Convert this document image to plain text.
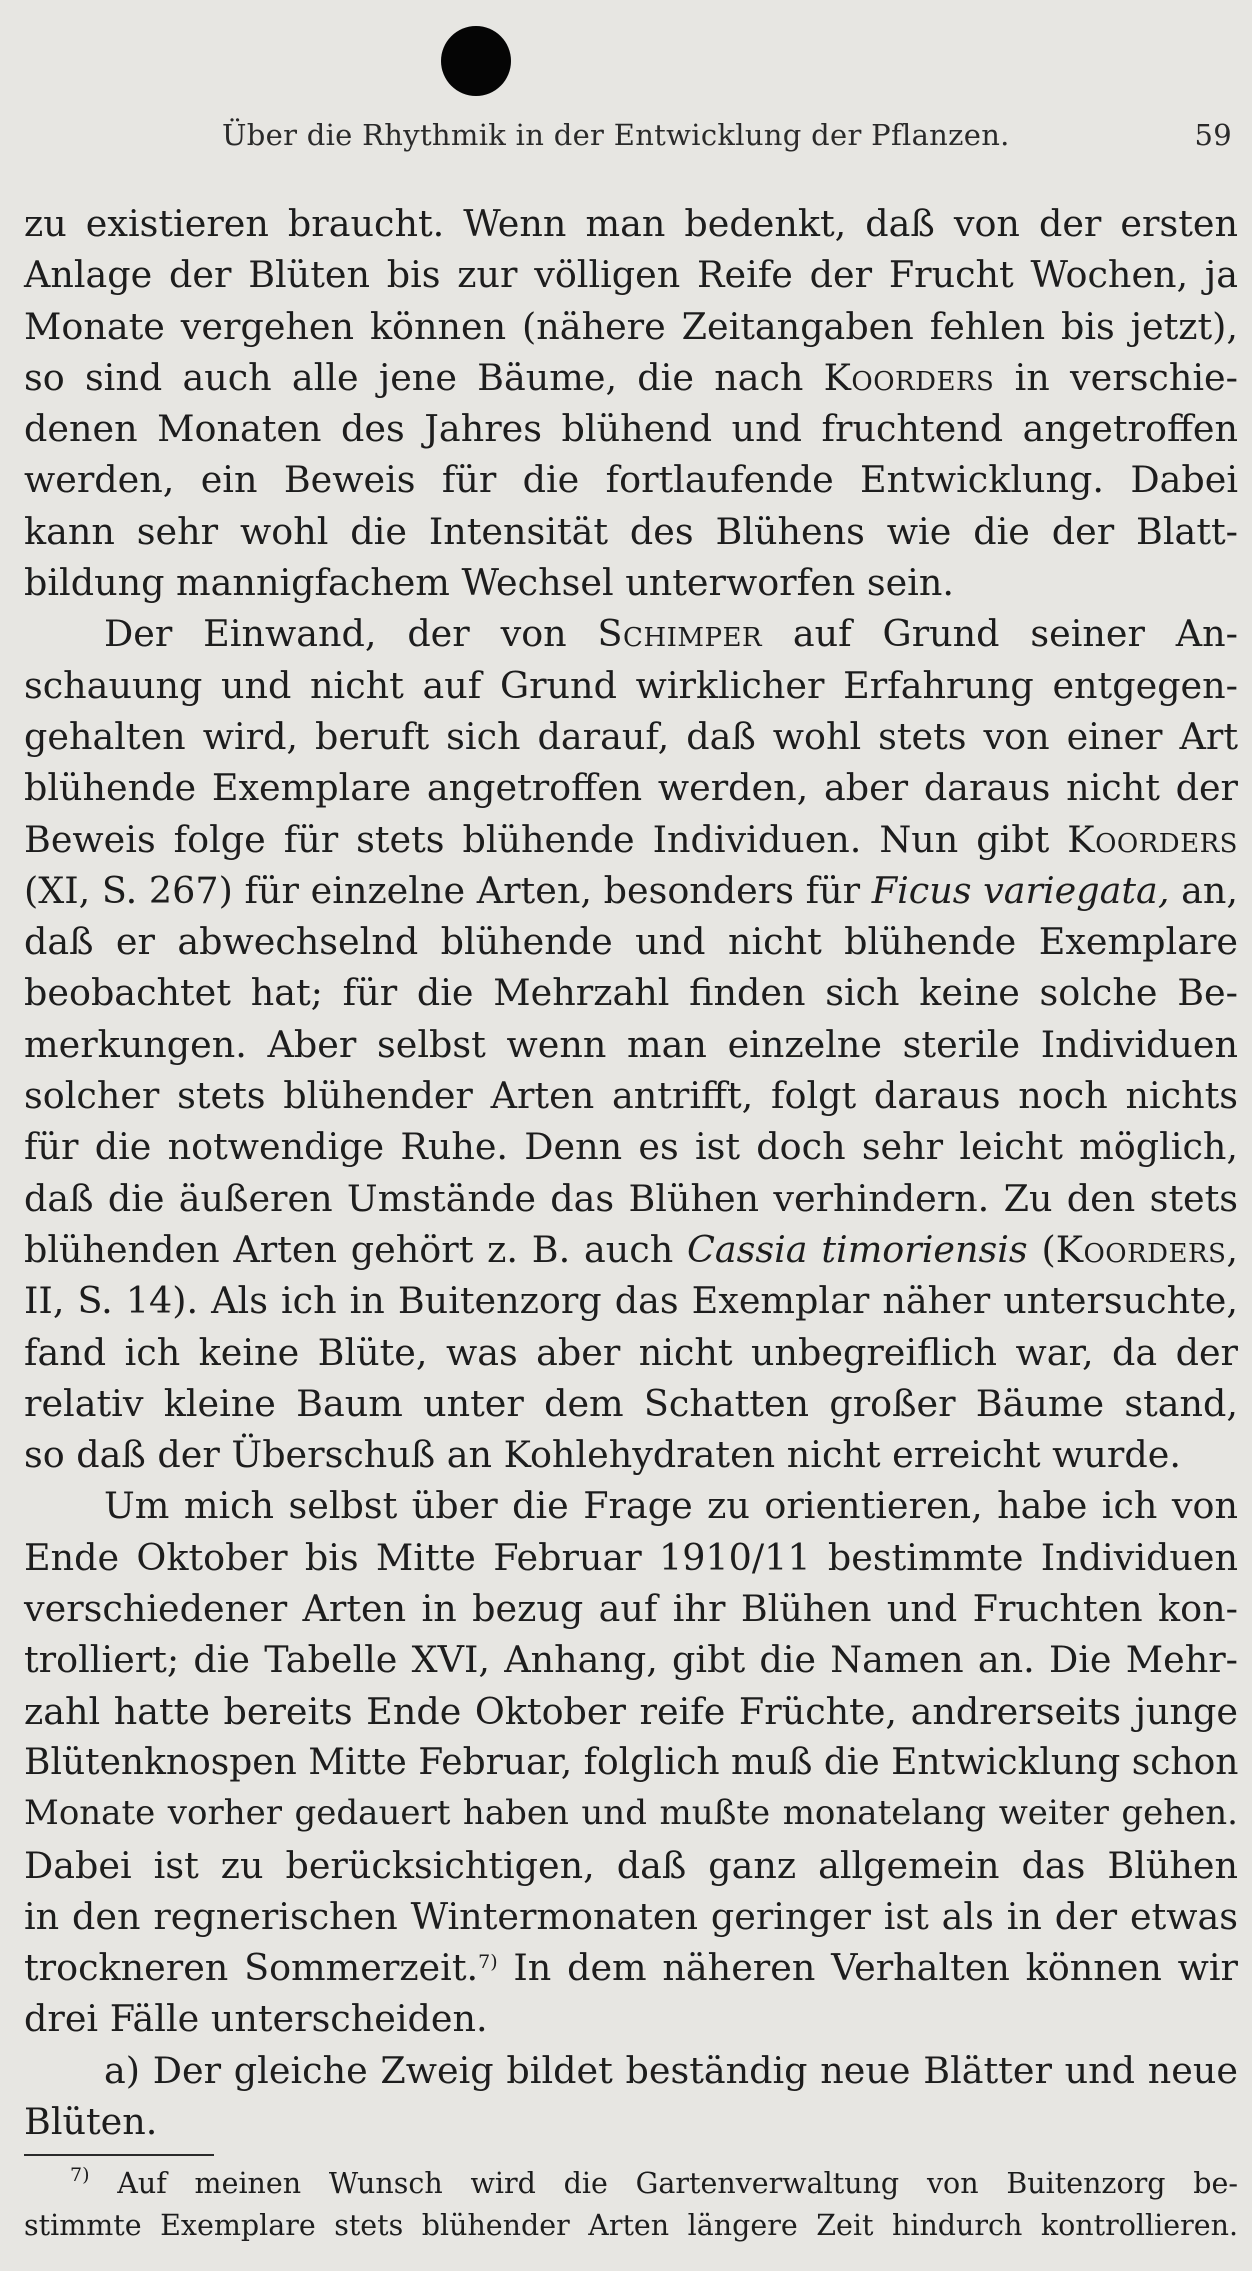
Über die Rhythmik in der Entwicklung der Pflanzen.	59
zu existieren braucht. Wenn man bedenkt, daß von der ersten
Anlage der Blüten bis zur völligen Reife der Frucht Wochen, ja
Monate vergehen können (nähere Zeitangaben fehlen bis jetzt),
so sind auch alle jene Bäume, die nach Koorders in verschie-
denen Monaten des Jahres blühend und fruchtend angetroffen
werden, ein Beweis für die fortlaufende Entwicklung. Dabei
kann sehr wohl die Intensität des Blühens wie die der Blatt-
bildung mannigfachem Wechsel unterworfen sein.
Der Einwand, der von Schimper auf Grund seiner An-
schauung und nicht auf Grund wirklicher Erfahrung entgegen-
gehalten wird, beruft sich darauf, daß wohl stets von einer Art
blühende Exemplare angetroffen werden, aber daraus nicht der
Beweis folge für stets blühende Individuen. Nun gibt Koorders
(XI, S. 267) für einzelne Arten, besonders für Ficus variegata, an,
daß er abwechselnd blühende und nicht blühende Exemplare
beobachtet hat; für die Mehrzahl finden sich keine solche Be-
merkungen. Aber selbst wenn man einzelne sterile Individuen
solcher stets blühender Arten antrifft, folgt daraus noch nichts
für die notwendige Ruhe. Denn es ist doch sehr leicht möglich,
daß die äußeren Umstände das Blühen verhindern. Zu den stets
blühenden Arten gehört z. B. auch Cassia timoriensis (Koorders,
II, S. 14). Als ich in Buitenzorg das Exemplar näher untersuchte,
fand ich keine Blüte, was aber nicht unbegreiflich war, da der
relativ kleine Baum unter dem Schatten großer Bäume stand,
so daß der Überschuß an Kohlehydraten nicht erreicht wurde.
Um mich selbst über die Frage zu orientieren, habe ich von
Ende Oktober bis Mitte Februar 1910/11 bestimmte Individuen
verschiedener Arten in bezug auf ihr Blühen und Fruchten kon-
trolliert; die Tabelle XVI, Anhang, gibt die Namen an. Die Mehr-
zahl hatte bereits Ende Oktober reife Früchte, andrerseits junge
Blütenknospen Mitte Februar, folglich muß die Entwicklung schon
Monate vorher gedauert haben und mußte monatelang weiter gehen.
Dabei ist zu berücksichtigen, daß ganz allgemein das Blühen
in den regnerischen Wintermonaten geringer ist als in der etwas
trockneren Sommerzeit.$^{7)}$ In dem näheren Verhalten können wir
drei Fälle unterscheiden.
a) Der gleiche Zweig bildet beständig neue Blätter und neue
Blüten.
$^{7)}$ Auf meinen Wunsch wird die Gartenverwaltung von Buitenzorg be-
stimmte Exemplare stets blühender Arten längere Zeit hindurch kontrollieren.
